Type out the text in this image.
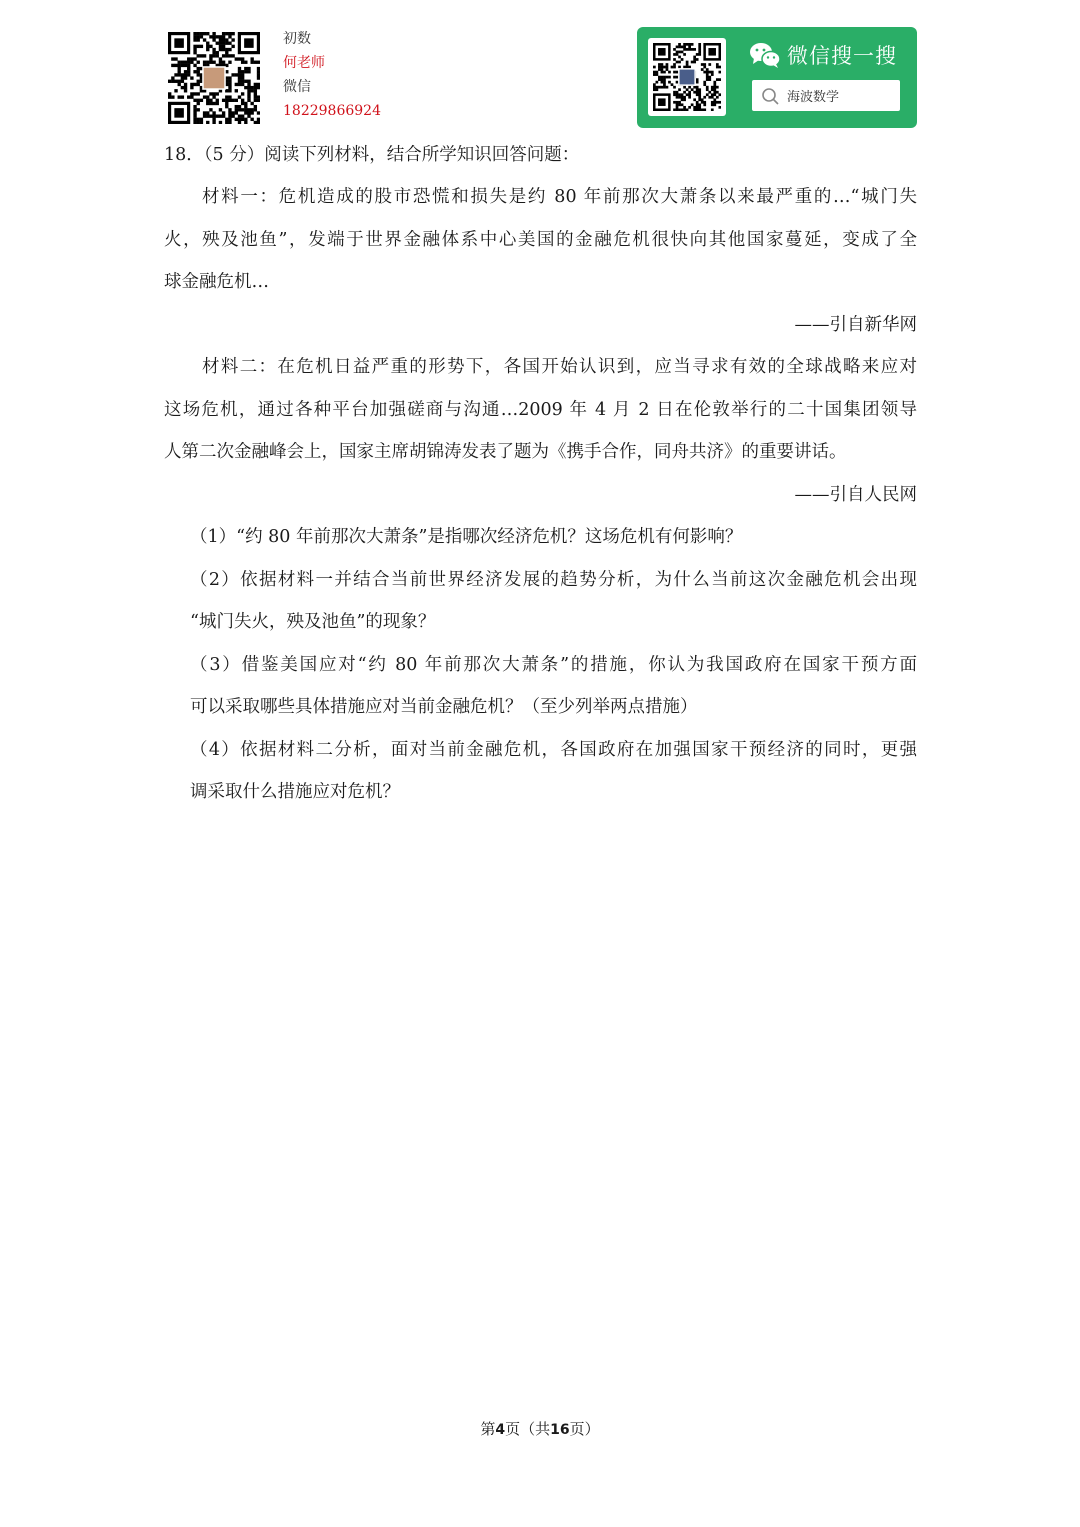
初数
何老师
微信
18229866924
微信搜一搜
海波数学
18．（5 分）阅读下列材料，结合所学知识回答问题：
材料一：危机造成的股市恐慌和损失是约 80 年前那次大萧条以来最严重的…“城门失
火，殃及池鱼”，发端于世界金融体系中心美国的金融危机很快向其他国家蔓延，变成了全
球金融危机…
——引自新华网
材料二：在危机日益严重的形势下，各国开始认识到，应当寻求有效的全球战略来应对
这场危机，通过各种平台加强磋商与沟通…2009 年 4 月 2 日在伦敦举行的二十国集团领导
人第二次金融峰会上，国家主席胡锦涛发表了题为《携手合作，同舟共济》的重要讲话。
——引自人民网
（1）“约 80 年前那次大萧条”是指哪次经济危机？这场危机有何影响？
（2）依据材料一并结合当前世界经济发展的趋势分析，为什么当前这次金融危机会出现
“城门失火，殃及池鱼”的现象？
（3）借鉴美国应对“约 80 年前那次大萧条”的措施，你认为我国政府在国家干预方面
可以采取哪些具体措施应对当前金融危机？（至少列举两点措施）
（4）依据材料二分析，面对当前金融危机，各国政府在加强国家干预经济的同时，更强
调采取什么措施应对危机？
第4页（共16页）
